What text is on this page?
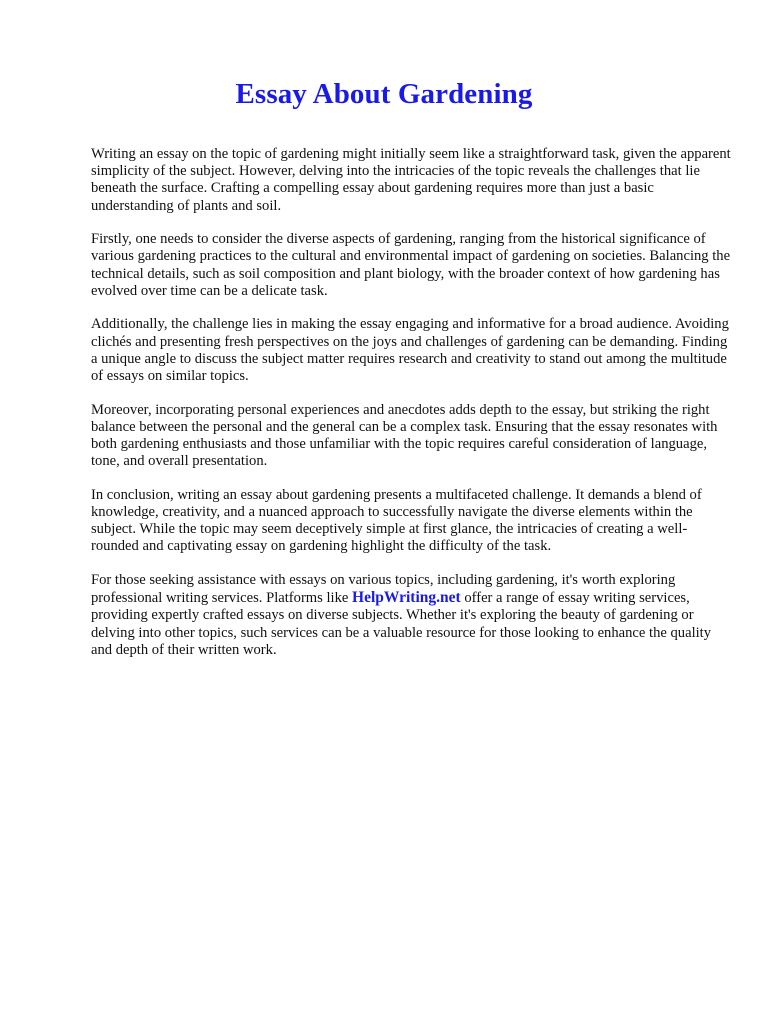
Essay About Gardening

Writing an essay on the topic of gardening might initially seem like a straightforward task, given the apparent simplicity of the subject. However, delving into the intricacies of the topic reveals the challenges that lie beneath the surface. Crafting a compelling essay about gardening requires more than just a basic understanding of plants and soil.

Firstly, one needs to consider the diverse aspects of gardening, ranging from the historical significance of various gardening practices to the cultural and environmental impact of gardening on societies. Balancing the technical details, such as soil composition and plant biology, with the broader context of how gardening has evolved over time can be a delicate task.

Additionally, the challenge lies in making the essay engaging and informative for a broad audience. Avoiding clichés and presenting fresh perspectives on the joys and challenges of gardening can be demanding. Finding a unique angle to discuss the subject matter requires research and creativity to stand out among the multitude of essays on similar topics.

Moreover, incorporating personal experiences and anecdotes adds depth to the essay, but striking the right balance between the personal and the general can be a complex task. Ensuring that the essay resonates with both gardening enthusiasts and those unfamiliar with the topic requires careful consideration of language, tone, and overall presentation.

In conclusion, writing an essay about gardening presents a multifaceted challenge. It demands a blend of knowledge, creativity, and a nuanced approach to successfully navigate the diverse elements within the subject. While the topic may seem deceptively simple at first glance, the intricacies of creating a well-rounded and captivating essay on gardening highlight the difficulty of the task.

For those seeking assistance with essays on various topics, including gardening, it's worth exploring professional writing services. Platforms like HelpWriting.net offer a range of essay writing services, providing expertly crafted essays on diverse subjects. Whether it's exploring the beauty of gardening or delving into other topics, such services can be a valuable resource for those looking to enhance the quality and depth of their written work.
